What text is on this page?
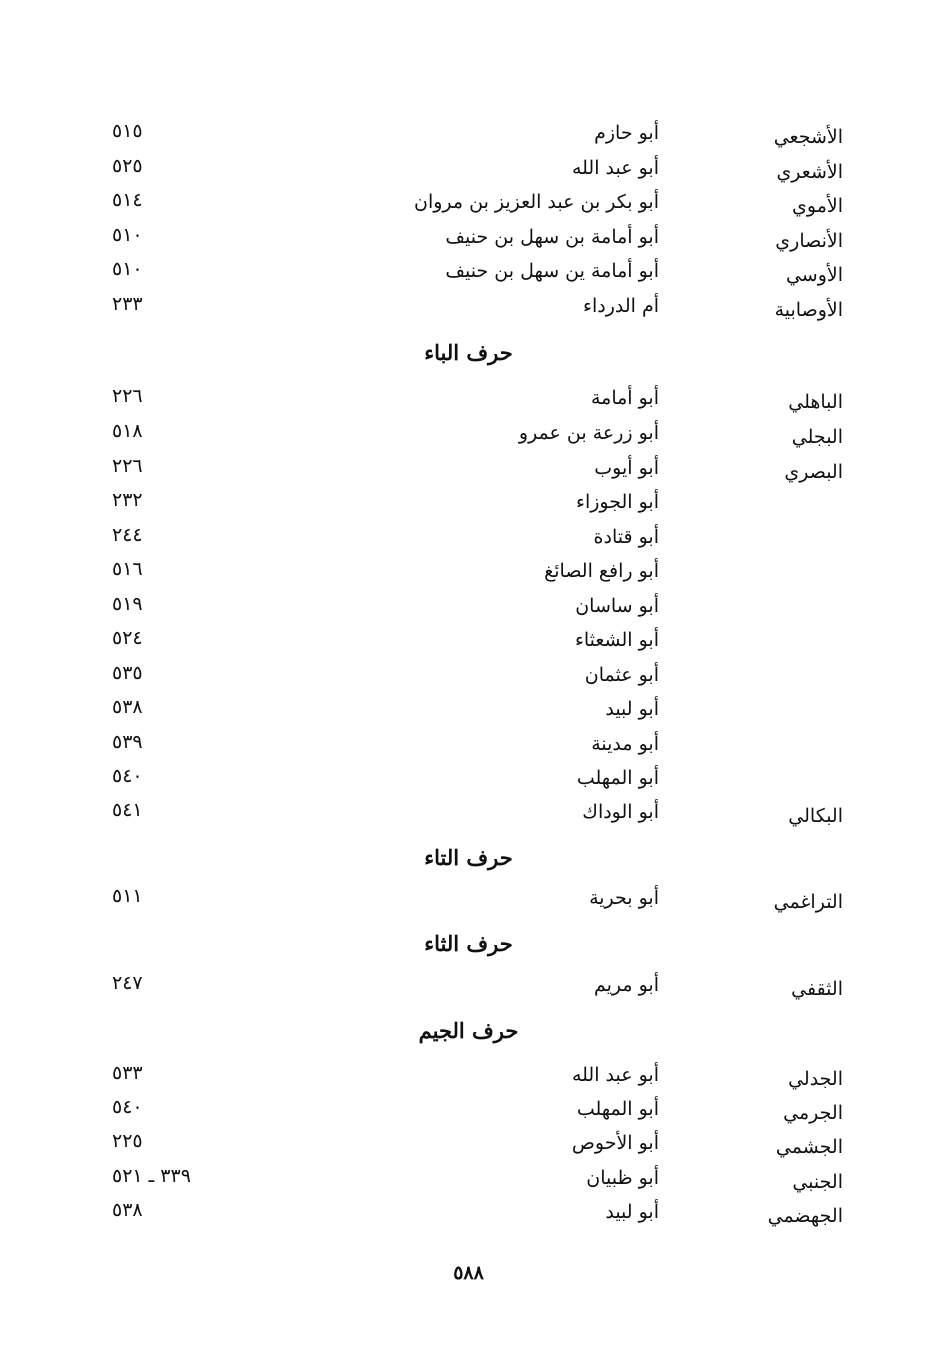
الأشجعي
أبو حازم
٥١٥
الأشعري
أبو عبد الله
٥٢٥
الأموي
أبو بكر بن عبد العزيز بن مروان
٥١٤
الأنصاري
أبو أمامة بن سهل بن حنيف
٥١٠
الأوسي
أبو أمامة ين سهل بن حنيف
٥١٠
الأوصابية
أم الدرداء
٢٣٣
حرف الباء
الباهلي
أبو أمامة
٢٢٦
البجلي
أبو زرعة بن عمرو
٥١٨
البصري
أبو أيوب
٢٢٦
أبو الجوزاء
٢٣٢
أبو قتادة
٢٤٤
أبو رافع الصائغ
٥١٦
أبو ساسان
٥١٩
أبو الشعثاء
٥٢٤
أبو عثمان
٥٣٥
أبو لبيد
٥٣٨
أبو مدينة
٥٣٩
أبو المهلب
٥٤٠
البكالي
أبو الوداك
٥٤١
حرف التاء
التراغمي
أبو بحرية
٥١١
حرف الثاء
الثقفي
أبو مريم
٢٤٧
حرف الجيم
الجدلي
أبو عبد الله
٥٣٣
الجرمي
أبو المهلب
٥٤٠
الجشمي
أبو الأحوص
٢٢٥
الجنبي
أبو ظبيان
٣٣٩ ـ ٥٢١
الجهضمي
أبو لبيد
٥٣٨
٥٨٨
